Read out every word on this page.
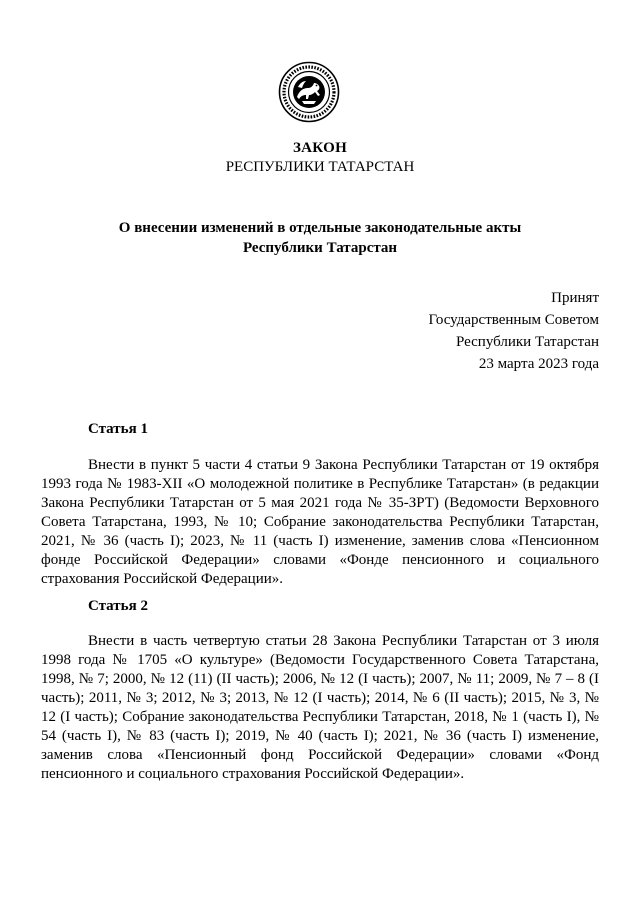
ЗАКОН
РЕСПУБЛИКИ ТАТАРСТАН
О внесении изменений в отдельные законодательные акты
Республики Татарстан
Принят
Государственным Советом
Республики Татарстан
23 марта 2023 года
Статья 1

Внести в пункт 5 части 4 статьи 9 Закона Республики Татарстан от 19 октября 1993 года № 1983-XII «О молодежной политике в Республике Татарстан» (в редакции Закона Республики Татарстан от 5 мая 2021 года № 35-ЗРТ) (Ведомости Верховного Совета Татарстана, 1993, № 10; Собрание законодательства Республики Татарстан, 2021, № 36 (часть I); 2023, № 11 (часть I) изменение, заменив слова «Пенсионном фонде Российской Федерации» словами «Фонде пенсионного и социального страхования Российской Федерации».

Статья 2

Внести в часть четвертую статьи 28 Закона Республики Татарстан от 3 июля 1998 года № 1705 «О культуре» (Ведомости Государственного Совета Татарстана, 1998, № 7; 2000, № 12 (11) (II часть); 2006, № 12 (I часть); 2007, № 11; 2009, № 7 – 8 (I часть); 2011, № 3; 2012, № 3; 2013, № 12 (I часть); 2014, № 6 (II часть); 2015, № 3, № 12 (I часть); Собрание законодательства Республики Татарстан, 2018, № 1 (часть I), № 54 (часть I), № 83 (часть I); 2019, № 40 (часть I); 2021, № 36 (часть I) изменение, заменив слова «Пенсионный фонд Российской Федерации» словами «Фонд пенсионного и социального страхования Российской Федерации».
